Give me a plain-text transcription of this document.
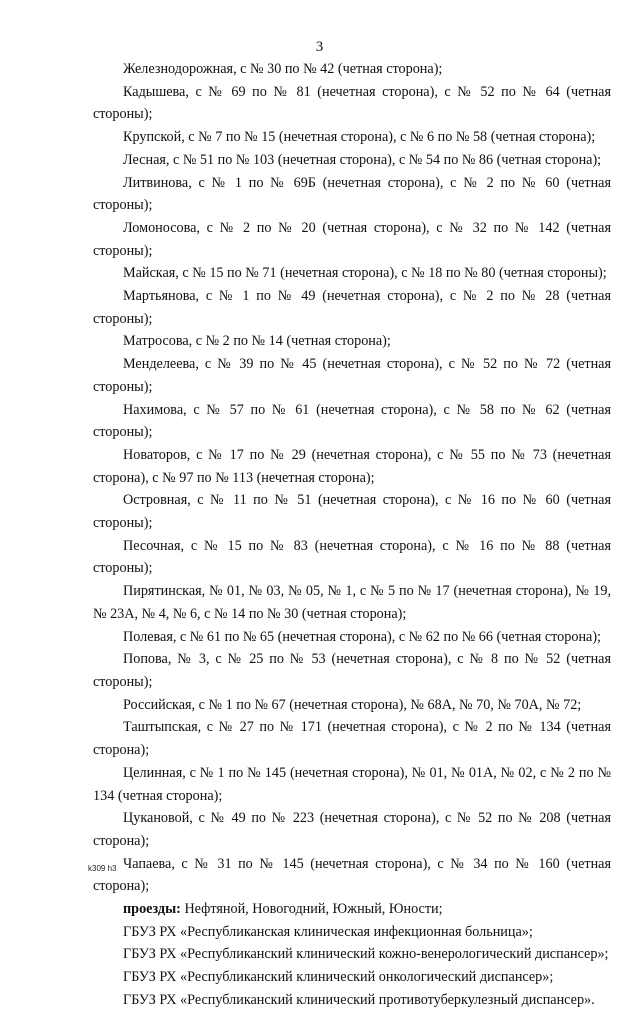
3

Железнодорожная, с № 30 по № 42 (четная сторона);

Кадышева, с № 69 по № 81 (нечетная сторона), с № 52 по № 64 (четная стороны);

Крупской, с № 7 по № 15 (нечетная сторона), с № 6 по № 58 (четная сторона);

Лесная, с № 51 по № 103 (нечетная сторона), с № 54 по № 86 (четная сторона);

Литвинова, с № 1 по № 69Б (нечетная сторона), с № 2 по № 60 (четная стороны);

Ломоносова, с № 2 по № 20 (четная сторона), с № 32 по № 142 (четная стороны);

Майская, с № 15 по № 71 (нечетная сторона), с № 18 по № 80 (четная стороны);

Мартьянова, с № 1 по № 49 (нечетная сторона), с № 2 по № 28 (четная стороны);

Матросова, с № 2 по № 14 (четная сторона);

Менделеева, с № 39 по № 45 (нечетная сторона), с № 52 по № 72 (четная стороны);

Нахимова, с № 57 по № 61 (нечетная сторона), с № 58 по № 62 (четная стороны);

Новаторов, с № 17 по № 29 (нечетная сторона), с № 55 по № 73 (нечетная сторона), с № 97 по № 113 (нечетная сторона);

Островная, с № 11 по № 51 (нечетная сторона), с № 16 по № 60 (четная стороны);

Песочная, с № 15 по № 83 (нечетная сторона), с № 16 по № 88 (четная стороны);

Пирятинская, № 01, № 03, № 05, № 1, с № 5 по № 17 (нечетная сторона), № 19, № 23А, № 4, № 6, с № 14 по № 30 (четная сторона);

Полевая, с № 61 по № 65 (нечетная сторона), с № 62 по № 66 (четная сторона);

Попова, № 3, с № 25 по № 53 (нечетная сторона), с № 8 по № 52 (четная стороны);

Российская, с № 1 по № 67 (нечетная сторона), № 68А, № 70, № 70А, № 72;

Таштыпская, с № 27 по № 171 (нечетная сторона), с № 2 по № 134 (четная сторона);

Целинная, с № 1 по № 145 (нечетная сторона), № 01, № 01А, № 02, с № 2 по № 134 (четная сторона);

Цукановой, с № 49 по № 223 (нечетная сторона), с № 52 по № 208 (четная сторона);

Чапаева, с № 31 по № 145 (нечетная сторона), с № 34 по № 160 (четная сторона);

проезды: Нефтяной, Новогодний, Южный, Юности;

ГБУЗ РХ «Республиканская клиническая инфекционная больница»;

ГБУЗ РХ «Республиканский клинический кожно-венерологический диспансер»;

ГБУЗ РХ «Республиканский клинический онкологический диспансер»;

ГБУЗ РХ «Республиканский клинический противотуберкулезный диспансер».

k309 h3
